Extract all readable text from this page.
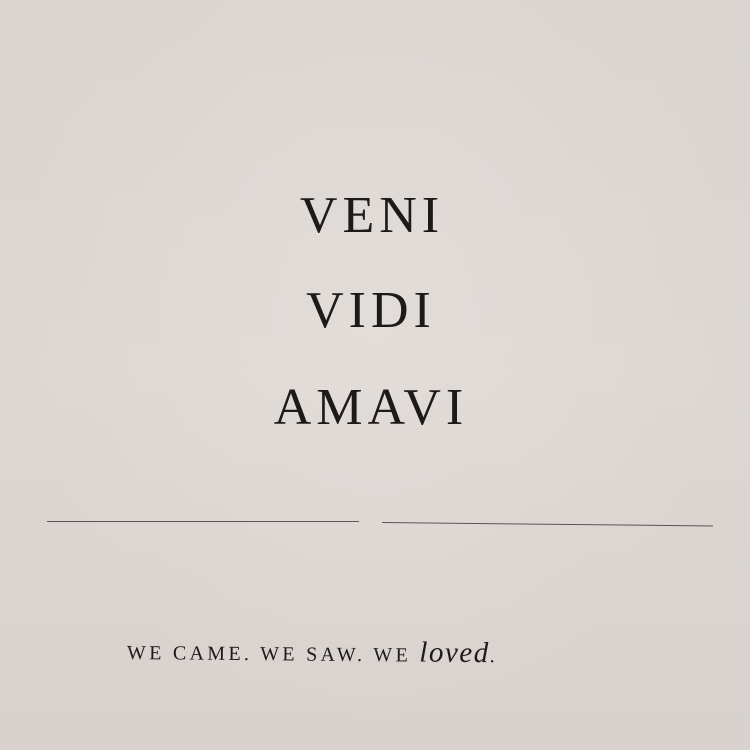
VENI
VIDI
AMAVI

WE CAME. WE SAW. WE loved.
